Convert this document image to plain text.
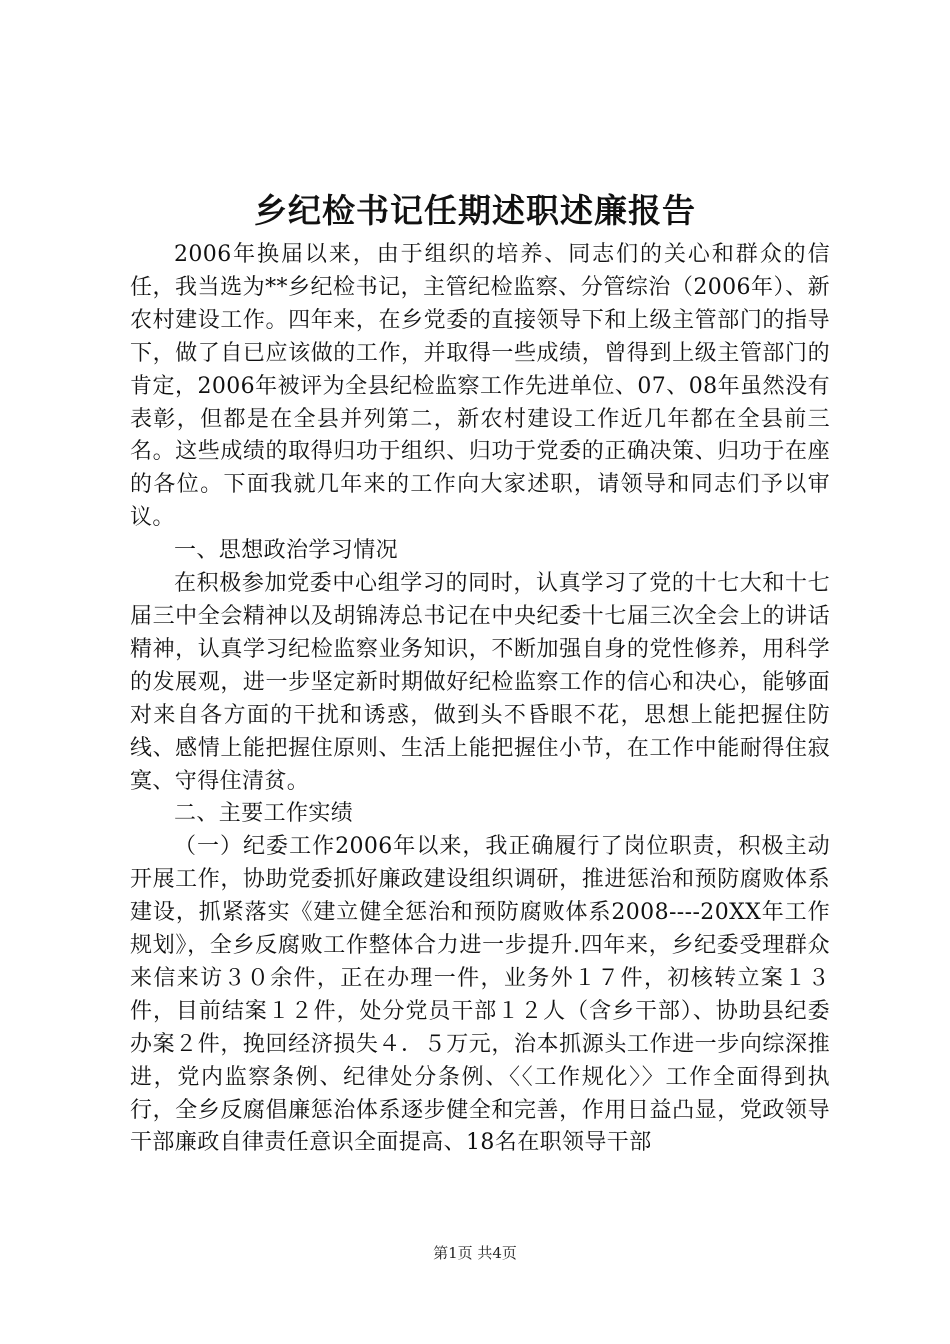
乡纪检书记任期述职述廉报告

2006年换届以来，由于组织的培养、同志们的关心和群众的信任，我当选为**乡纪检书记，主管纪检监察、分管综治（2006年）、新农村建设工作。四年来，在乡党委的直接领导下和上级主管部门的指导下，做了自已应该做的工作，并取得一些成绩，曾得到上级主管部门的肯定，2006年被评为全县纪检监察工作先进单位、07、08年虽然没有表彰，但都是在全县并列第二，新农村建设工作近几年都在全县前三名。这些成绩的取得归功于组织、归功于党委的正确决策、归功于在座的各位。下面我就几年来的工作向大家述职，请领导和同志们予以审议。

一、思想政治学习情况

在积极参加党委中心组学习的同时，认真学习了党的十七大和十七届三中全会精神以及胡锦涛总书记在中央纪委十七届三次全会上的讲话精神，认真学习纪检监察业务知识，不断加强自身的党性修养，用科学的发展观，进一步坚定新时期做好纪检监察工作的信心和决心，能够面对来自各方面的干扰和诱惑，做到头不昏眼不花，思想上能把握住防线、感情上能把握住原则、生活上能把握住小节，在工作中能耐得住寂寞、守得住清贫。

二、主要工作实绩

（一）纪委工作2006年以来，我正确履行了岗位职责，积极主动开展工作，协助党委抓好廉政建设组织调研，推进惩治和预防腐败体系建设，抓紧落实《建立健全惩治和预防腐败体系2008----20XX年工作规划》，全乡反腐败工作整体合力进一步提升.四年来，乡纪委受理群众来信来访３０余件，正在办理一件，业务外１７件，初核转立案１３件，目前结案１２件，处分党员干部１２人（含乡干部）、协助县纪委办案２件，挽回经济损失４．５万元，治本抓源头工作进一步向综深推进，党内监察条例、纪律处分条例、〈〈工作规化〉〉工作全面得到执行，全乡反腐倡廉惩治体系逐步健全和完善，作用日益凸显，党政领导干部廉政自律责任意识全面提高、18名在职领导干部

第1页 共4页
